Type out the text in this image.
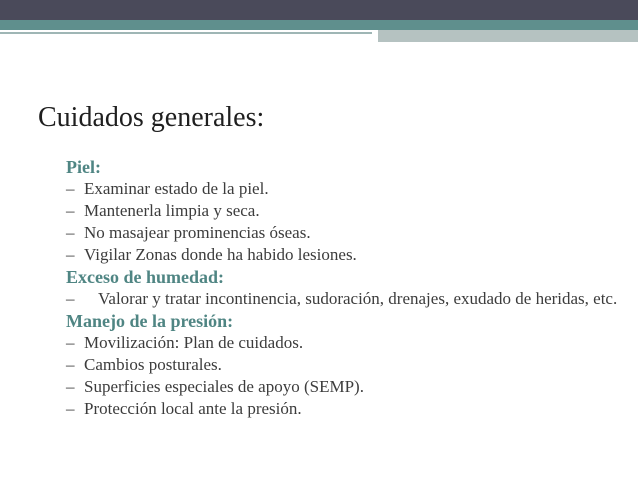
Cuidados generales:
Piel:
– Examinar estado de la piel.
– Mantenerla limpia y seca.
– No masajear prominencias óseas.
– Vigilar Zonas donde ha habido lesiones.
Exceso de humedad:
– Valorar y tratar incontinencia, sudoración, drenajes, exudado de heridas, etc.
Manejo de la presión:
– Movilización: Plan de cuidados.
– Cambios posturales.
– Superficies especiales de apoyo (SEMP).
– Protección local ante la presión.
